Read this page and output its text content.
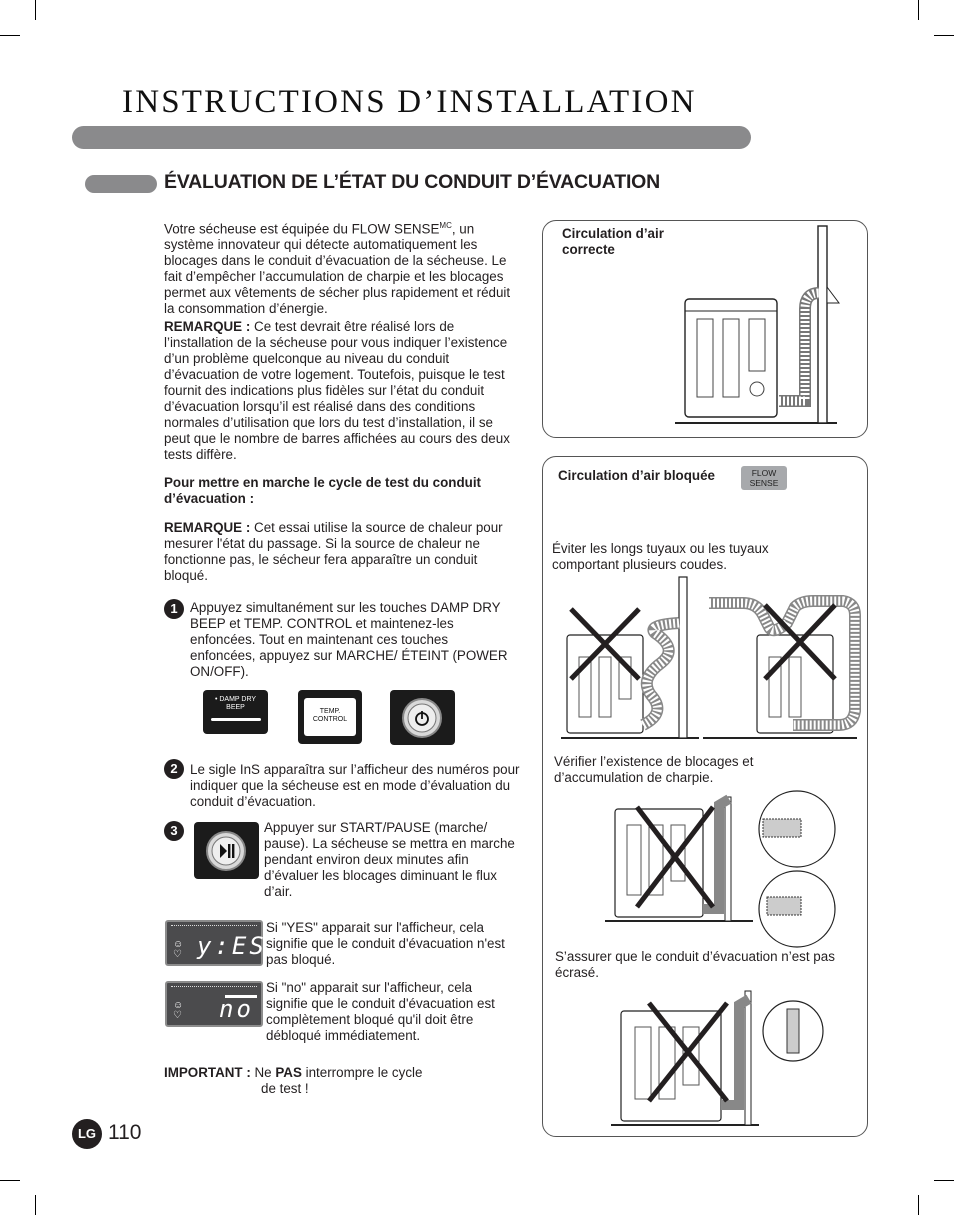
INSTRUCTIONS D’INSTALLATION
ÉVALUATION DE L’ÉTAT DU CONDUIT D’ÉVACUATION
Votre sécheuse est équipée du FLOW $SENSE^{MC}$, un système innovateur qui détecte automatiquement les blocages dans le conduit d’évacuation de la sécheuse. Le fait d’empêcher l’accumulation de charpie et les blocages permet aux vêtements de sécher plus rapidement et réduit la consommation d’énergie.
REMARQUE : Ce test devrait être réalisé lors de l’installation de la sécheuse pour vous indiquer l’existence d’un problème quelconque au niveau du conduit d’évacuation de votre logement. Toutefois, puisque le test fournit des indications plus fidèles sur l’état du conduit d’évacuation lorsqu’il est réalisé dans des conditions normales d’utilisation que lors du test d’installation, il se peut que le nombre de barres affichées au cours des deux tests diffère.
Pour mettre en marche le cycle de test du conduit d’évacuation :
REMARQUE : Cet essai utilise la source de chaleur pour mesurer l'état du passage. Si la source de chaleur ne fonctionne pas, le sécheur fera apparaître un conduit bloqué.
1 Appuyez simultanément sur les touches DAMP DRY BEEP et TEMP. CONTROL et maintenez-les enfoncées. Tout en maintenant ces touches enfoncées, appuyez sur MARCHE/ ÉTEINT (POWER ON/OFF).
• DAMP DRY
BEEP
TEMP.
CONTROL
2 Le sigle InS apparaîtra sur l’afficheur des numéros pour indiquer que la sécheuse est en mode d’évaluation du conduit d’évacuation.
3	Appuyer sur START/PAUSE (marche/ pause). La sécheuse se mettra en marche pendant environ deux minutes afin d’évaluer les blocages diminuant le flux d’air.
☺
♡ y:ES
Si "YES" apparait sur l'afficheur, cela signifie que le conduit d'évacuation n'est pas bloqué.
☺
♡ no
Si "no" apparait sur l'afficheur, cela signifie que le conduit d'évacuation est complètement bloqué qu'il doit être débloqué immédiatement.
IMPORTANT : Ne PAS interrompre le cycle
de test !
LG 110
Circulation d’air correcte
Circulation d’air bloquée	FLOW
SENSE
Éviter les longs tuyaux ou les tuyaux comportant plusieurs coudes.
Vérifier l’existence de blocages et d’accumulation de charpie.
S’assurer que le conduit d’évacuation n’est pas écrasé.
